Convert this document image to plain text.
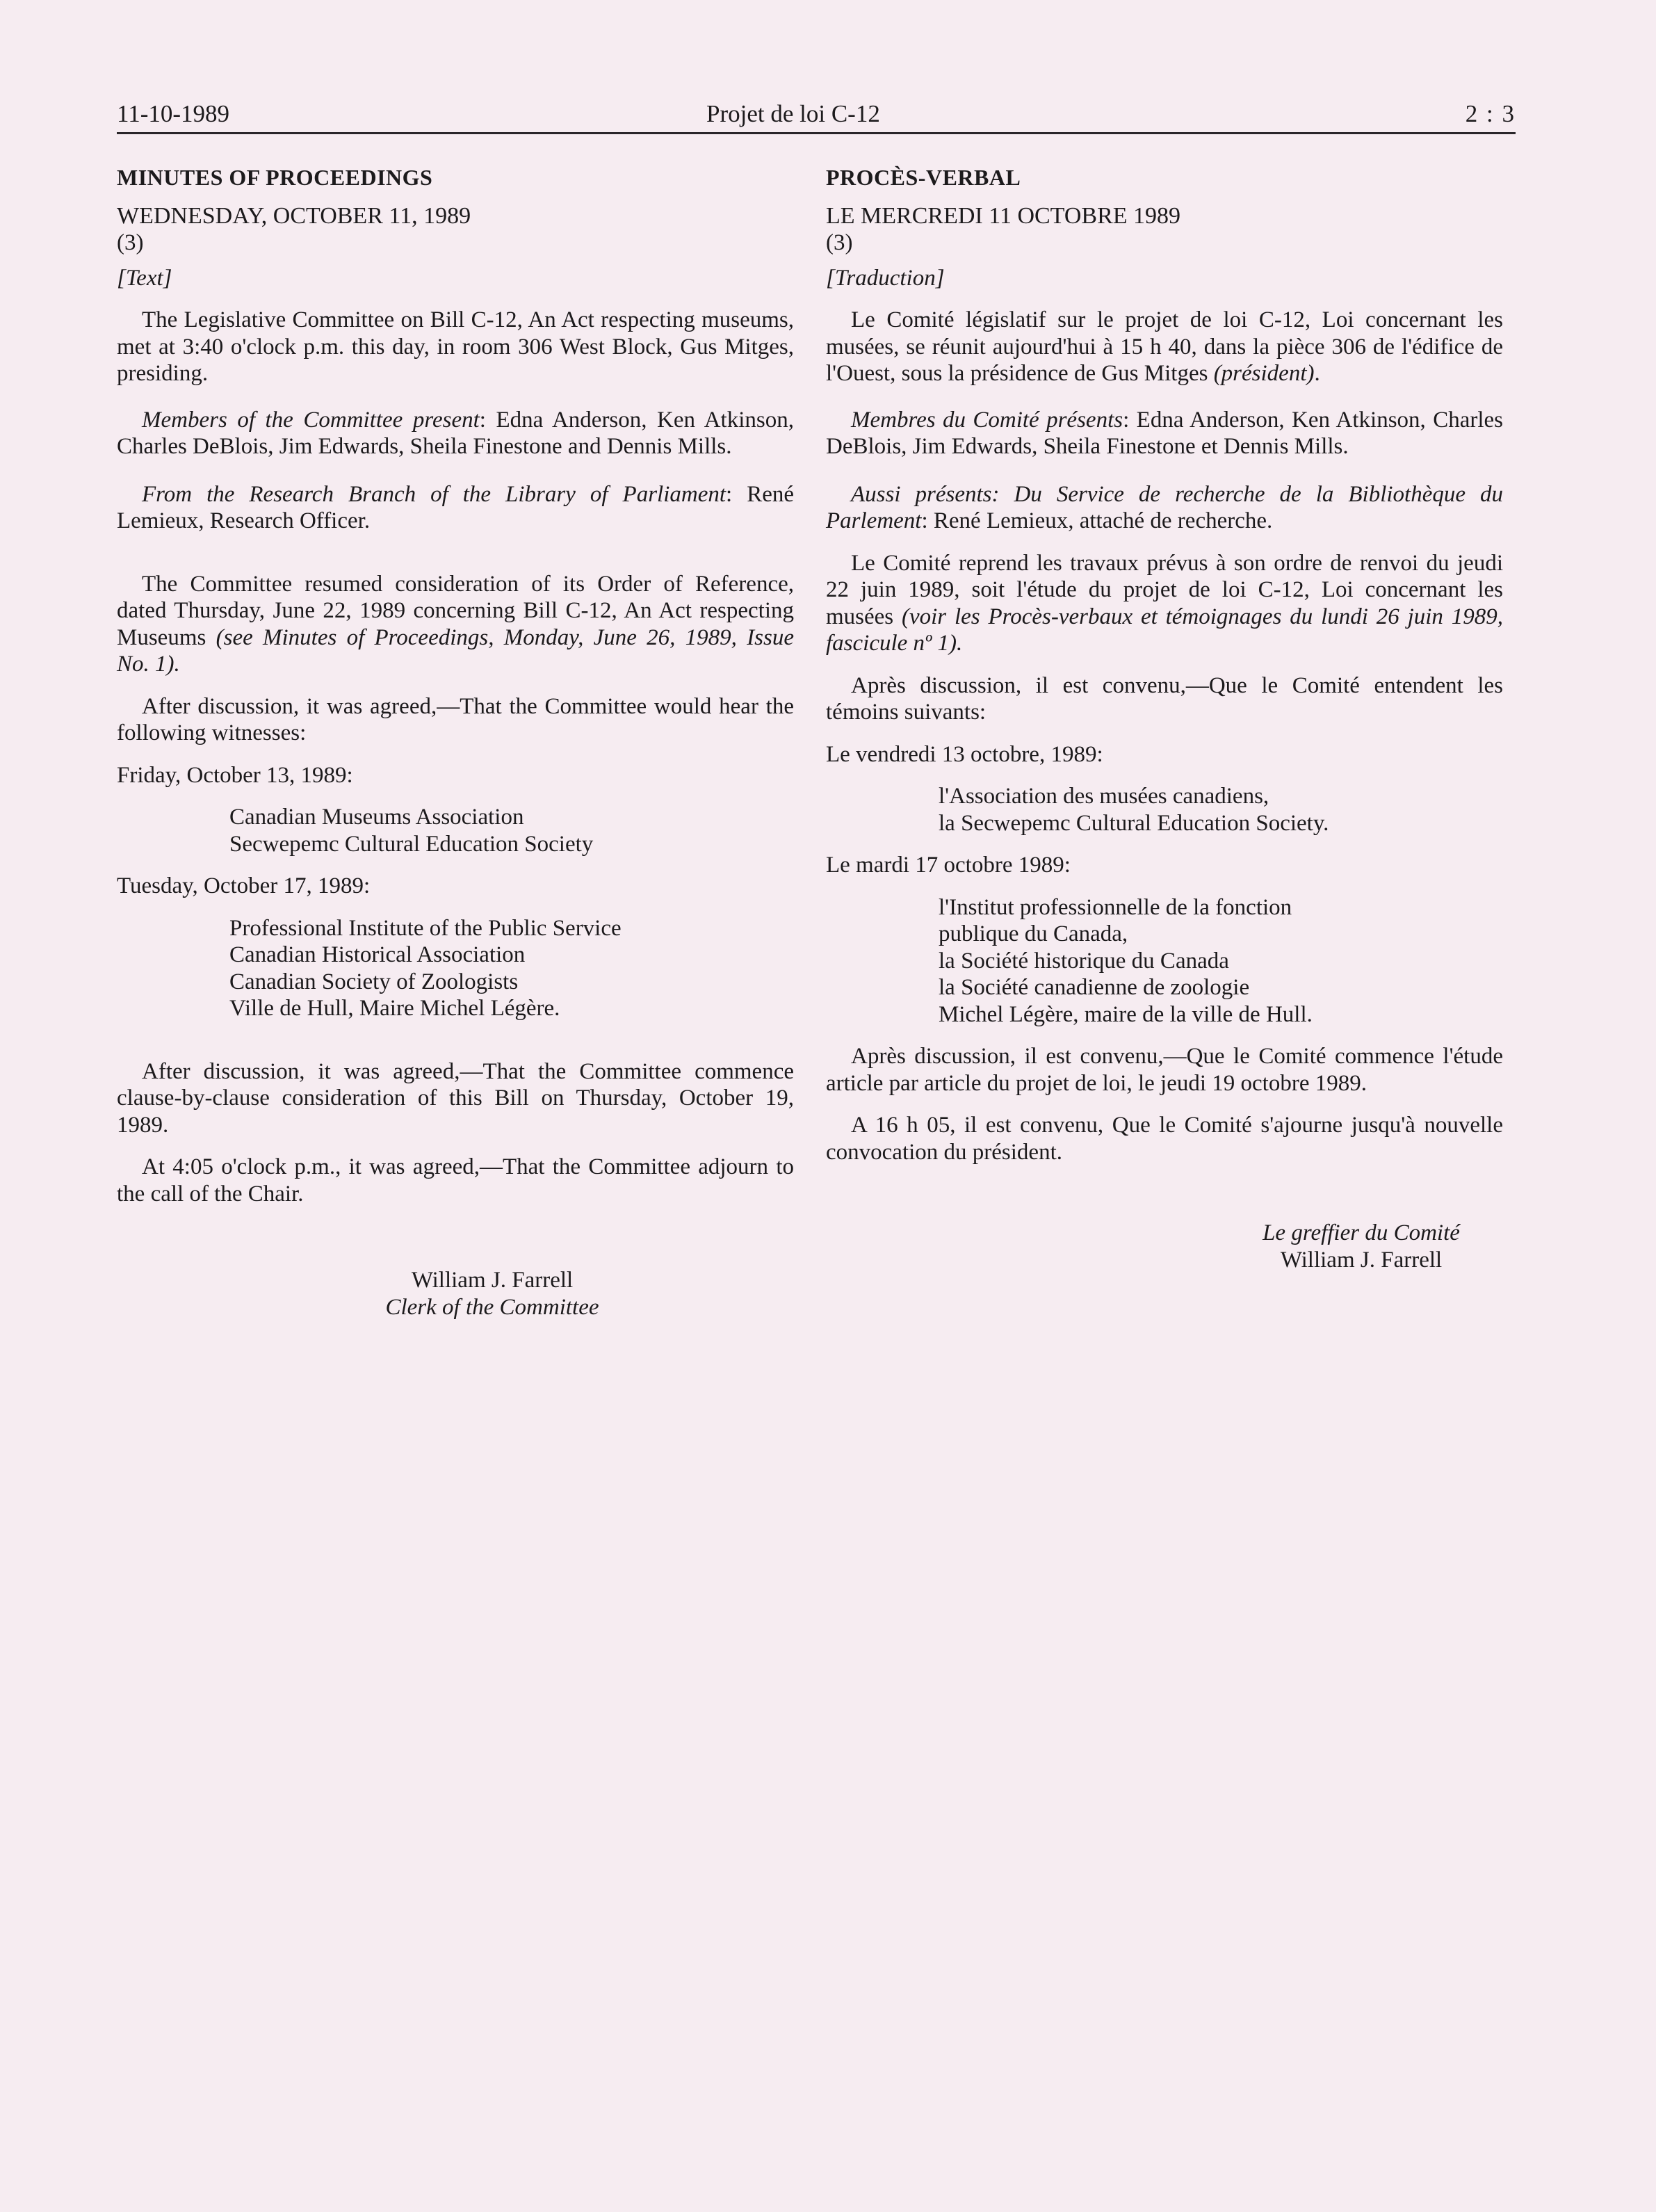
11-10-1989	Projet de loi C-12	2 : 3

MINUTES OF PROCEEDINGS

WEDNESDAY, OCTOBER 11, 1989

(3)

[Text]

The Legislative Committee on Bill C-12, An Act respecting museums, met at 3:40 o'clock p.m. this day, in room 306 West Block, Gus Mitges, presiding.

Members of the Committee present: Edna Anderson, Ken Atkinson, Charles DeBlois, Jim Edwards, Sheila Finestone and Dennis Mills.

From the Research Branch of the Library of Parliament: René Lemieux, Research Officer.

The Committee resumed consideration of its Order of Reference, dated Thursday, June 22, 1989 concerning Bill C-12, An Act respecting Museums (see Minutes of Proceedings, Monday, June 26, 1989, Issue No. 1).

After discussion, it was agreed,—That the Committee would hear the following witnesses:

Friday, October 13, 1989:

Canadian Museums Association
Secwepemc Cultural Education Society

Tuesday, October 17, 1989:

Professional Institute of the Public Service
Canadian Historical Association
Canadian Society of Zoologists
Ville de Hull, Maire Michel Légère.

After discussion, it was agreed,—That the Committee commence clause-by-clause consideration of this Bill on Thursday, October 19, 1989.

At 4:05 o'clock p.m., it was agreed,—That the Committee adjourn to the call of the Chair.

William J. Farrell
Clerk of the Committee

PROCÈS-VERBAL

LE MERCREDI 11 OCTOBRE 1989

(3)

[Traduction]

Le Comité législatif sur le projet de loi C-12, Loi concernant les musées, se réunit aujourd'hui à 15 h 40, dans la pièce 306 de l'édifice de l'Ouest, sous la présidence de Gus Mitges (président).

Membres du Comité présents: Edna Anderson, Ken Atkinson, Charles DeBlois, Jim Edwards, Sheila Finestone et Dennis Mills.

Aussi présents: Du Service de recherche de la Bibliothèque du Parlement: René Lemieux, attaché de recherche.

Le Comité reprend les travaux prévus à son ordre de renvoi du jeudi 22 juin 1989, soit l'étude du projet de loi C-12, Loi concernant les musées (voir les Procès-verbaux et témoignages du lundi 26 juin 1989, fascicule nº 1).

Après discussion, il est convenu,—Que le Comité entendent les témoins suivants:

Le vendredi 13 octobre, 1989:

l'Association des musées canadiens,
la Secwepemc Cultural Education Society.

Le mardi 17 octobre 1989:

l'Institut professionnelle de la fonction
publique du Canada,
la Société historique du Canada
la Société canadienne de zoologie
Michel Légère, maire de la ville de Hull.

Après discussion, il est convenu,—Que le Comité commence l'étude article par article du projet de loi, le jeudi 19 octobre 1989.

A 16 h 05, il est convenu, Que le Comité s'ajourne jusqu'à nouvelle convocation du président.

Le greffier du Comité
William J. Farrell
